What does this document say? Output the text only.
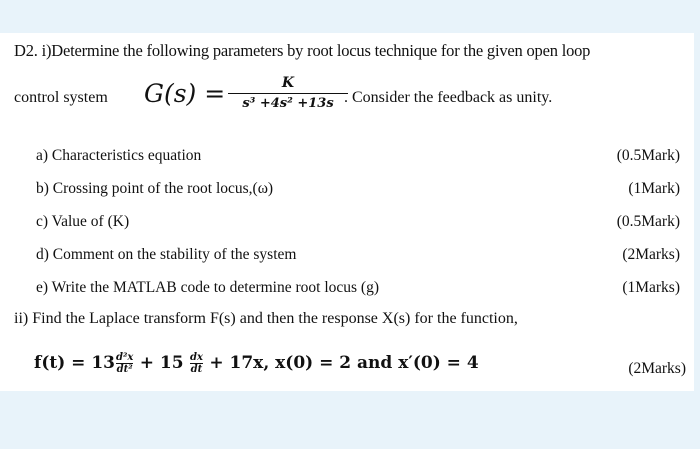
D2. i)Determine the following parameters by root locus technique for the given open loop
control system G(s) =	K
s³ +4s² +13s . Consider the feedback as unity.
a) Characteristics equation	(0.5Mark)
b) Crossing point of the root locus,(ω)	(1Mark)
c) Value of (K)	(0.5Mark)
d) Comment on the stability of the system	(2Marks)
e) Write the MATLAB code to determine root locus (g)	(1Marks)
ii) Find the Laplace transform F(s) and then the response X(s) for the function,
$f(t) = 13 \frac{\text{d²x}}{\text{dt²}} + 15 \frac{dx}{dt} + 17x$, x(0) = 2 and x′(0) = 4	(2Marks)
